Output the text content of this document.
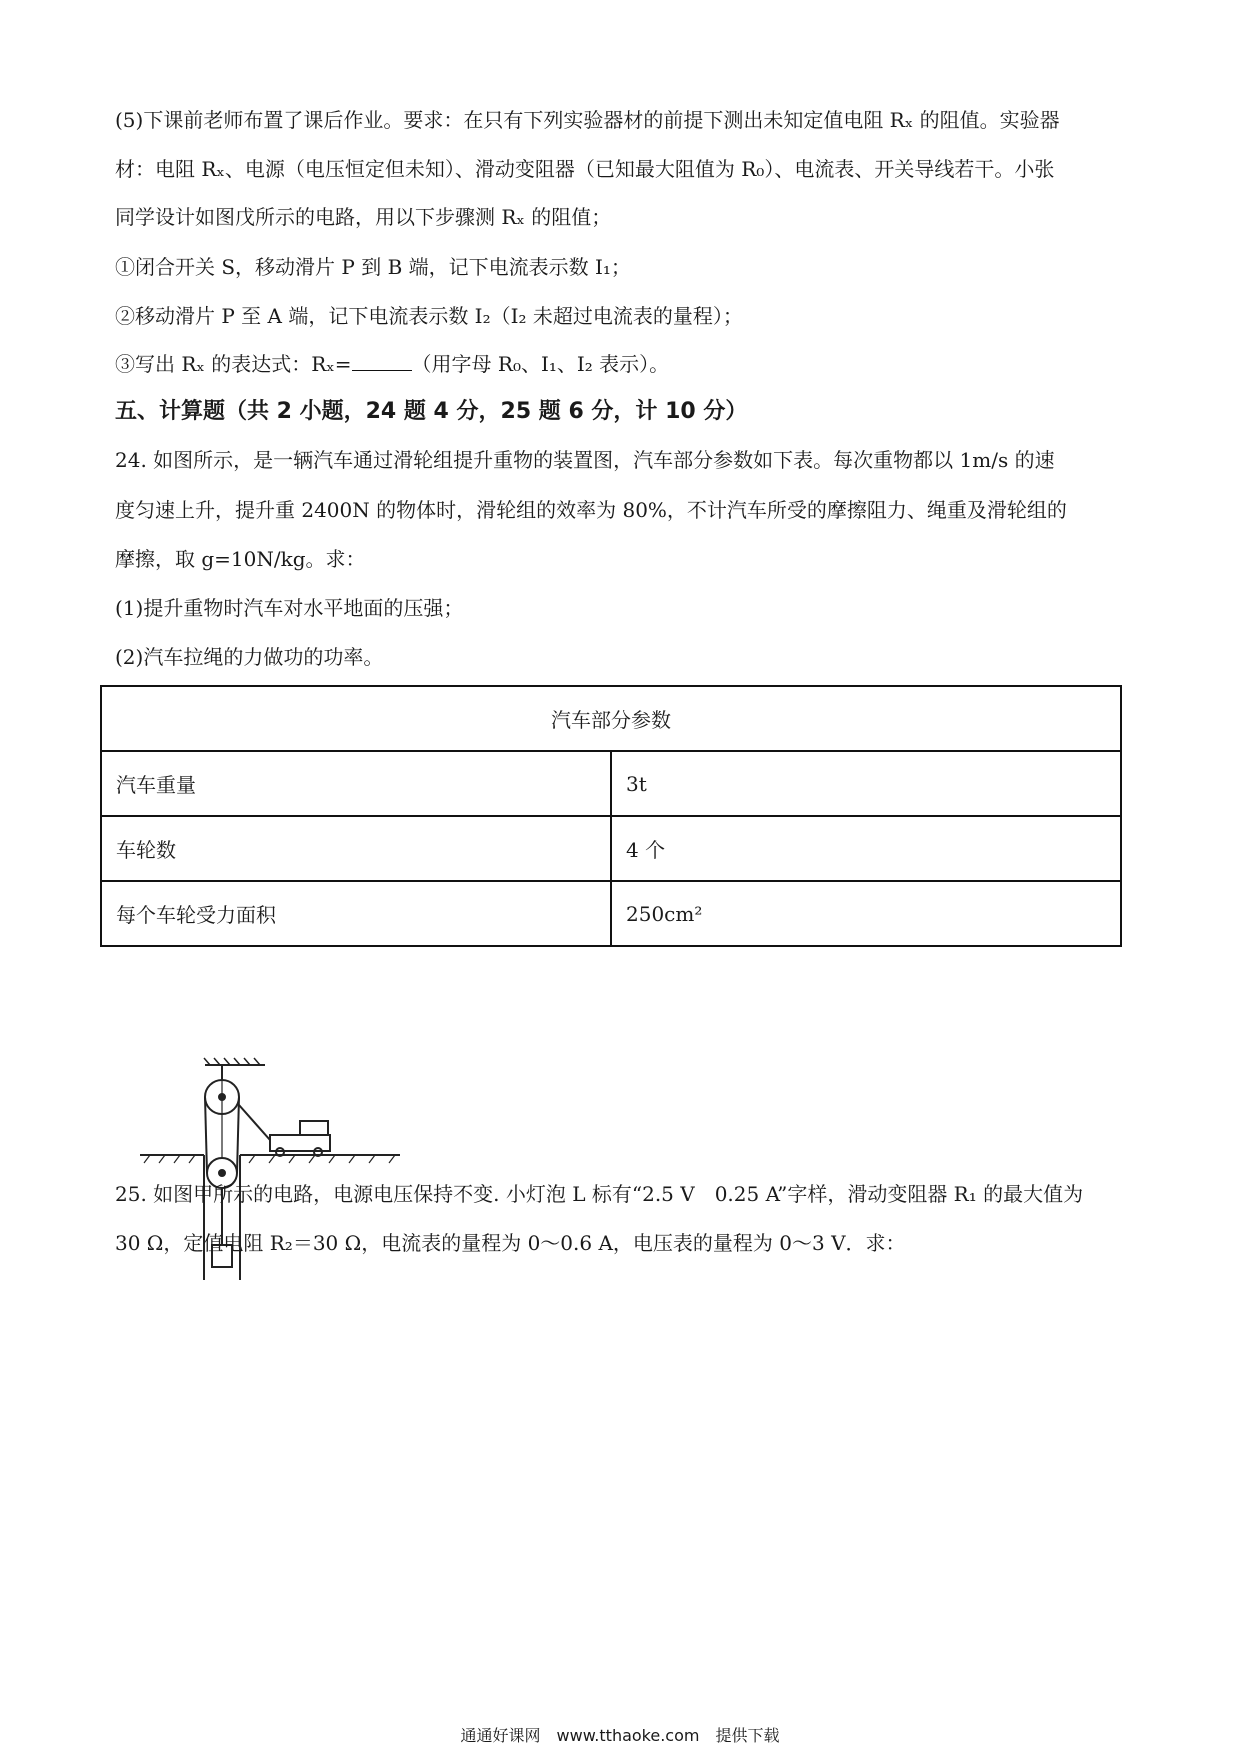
(5)下课前老师布置了课后作业。要求：在只有下列实验器材的前提下测出未知定值电阻 Rₓ 的阻值。实验器
材：电阻 Rₓ、电源（电压恒定但未知）、滑动变阻器（已知最大阻值为 R₀）、电流表、开关导线若干。小张
同学设计如图戊所示的电路，用以下步骤测 Rₓ 的阻值；
①闭合开关 S，移动滑片 P 到 B 端，记下电流表示数 I₁；
②移动滑片 P 至 A 端，记下电流表示数 I₂（I₂ 未超过电流表的量程）；
③写出 Rₓ 的表达式：Rₓ=	（用字母 R₀、I₁、I₂ 表示）。
五、计算题（共 2 小题，24 题 4 分，25 题 6 分，计 10 分）
24. 如图所示，是一辆汽车通过滑轮组提升重物的装置图，汽车部分参数如下表。每次重物都以 1m/s 的速
度匀速上升，提升重 2400N 的物体时，滑轮组的效率为 80%，不计汽车所受的摩擦阻力、绳重及滑轮组的
摩擦，取 g=10N/kg。求：
(1)提升重物时汽车对水平地面的压强；
(2)汽车拉绳的力做功的功率。
汽车部分参数	
汽车重量	3t
车轮数	4 个
每个车轮受力面积	250cm²
25. 如图甲所示的电路，电源电压保持不变. 小灯泡 L 标有“2.5 V　0.25 A”字样，滑动变阻器 R₁ 的最大值为
30 Ω，定值电阻 R₂＝30 Ω，电流表的量程为 0～0.6 A，电压表的量程为 0～3 V．求：
通通好课网　www.tthaoke.com　提供下载
